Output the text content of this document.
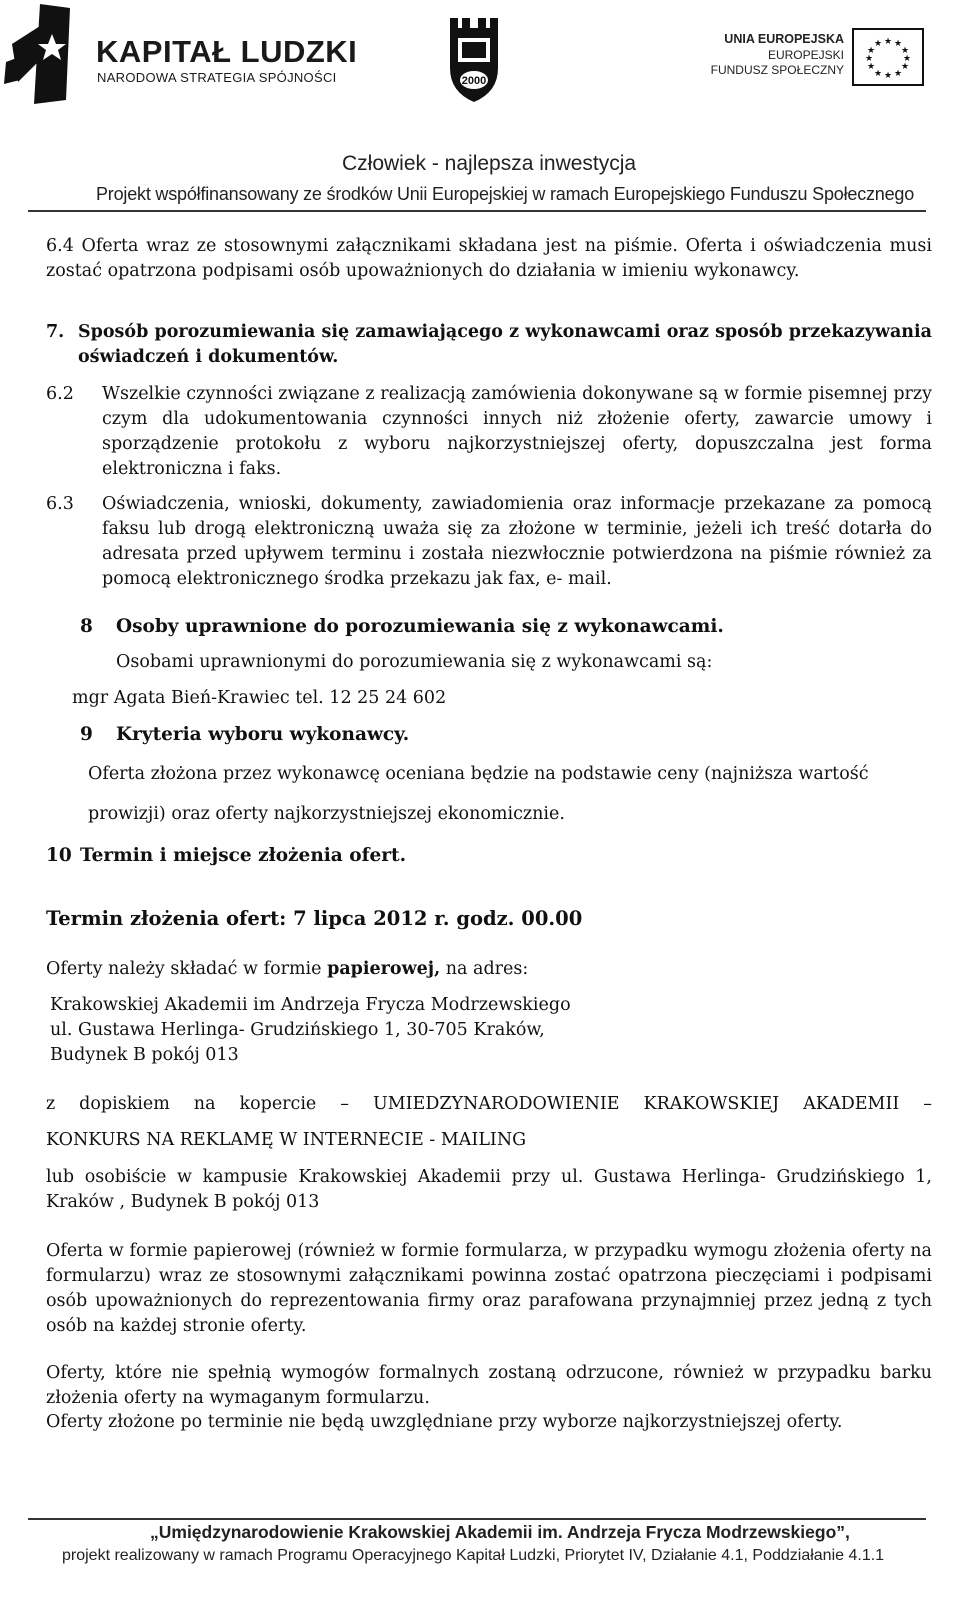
KAPITAŁ LUDZKI
NARODOWA STRATEGIA SPÓJNOŚCI	2000
UNIA EUROPEJSKA
EUROPEJSKI
FUNDUSZ SPOŁECZNY
★ ★
★
★
★
★
★
★
★
★
★
★
Człowiek - najlepsza inwestycja
Projekt współfinansowany ze środków Unii Europejskiej w ramach Europejskiego Funduszu Społecznego
6.4 Oferta wraz ze stosownymi załącznikami składana jest na piśmie. Oferta i oświadczenia musi zostać opatrzona podpisami osób upoważnionych do działania w imieniu wykonawcy.
7. Sposób porozumiewania się zamawiającego z wykonawcami oraz sposób przekazywania oświadczeń i dokumentów.
6.2 Wszelkie czynności związane z realizacją zamówienia dokonywane są w formie pisemnej przy czym dla udokumentowania czynności innych niż złożenie oferty, zawarcie umowy i sporządzenie protokołu z wyboru najkorzystniejszej oferty, dopuszczalna jest forma elektroniczna i faks.
6.3 Oświadczenia, wnioski, dokumenty, zawiadomienia oraz informacje przekazane za pomocą faksu lub drogą elektroniczną uważa się za złożone w terminie, jeżeli ich treść dotarła do adresata przed upływem terminu i została niezwłocznie potwierdzona na piśmie również za pomocą elektronicznego środka przekazu jak fax, e- mail.
8 Osoby uprawnione do porozumiewania się z wykonawcami.
Osobami uprawnionymi do porozumiewania się z wykonawcami są:
mgr Agata Bień-Krawiec tel. 12 25 24 602
9 Kryteria wyboru wykonawcy.
Oferta złożona przez wykonawcę oceniana będzie na podstawie ceny (najniższa wartość
prowizji) oraz oferty najkorzystniejszej ekonomicznie.
10 Termin i miejsce złożenia ofert.
Termin złożenia ofert: 7 lipca 2012 r. godz. 00.00
Oferty należy składać w formie papierowej, na adres:
Krakowskiej Akademii im Andrzeja Frycza Modrzewskiego
ul. Gustawa Herlinga- Grudzińskiego 1, 30-705 Kraków,
Budynek B pokój 013
z dopiskiem na kopercie – UMIEDZYNARODOWIENIE KRAKOWSKIEJ AKADEMII –
KONKURS NA REKLAMĘ W INTERNECIE - MAILING
lub osobiście w kampusie Krakowskiej Akademii przy ul. Gustawa Herlinga- Grudzińskiego 1, Kraków , Budynek B pokój 013
Oferta w formie papierowej (również w formie formularza, w przypadku wymogu złożenia oferty na formularzu) wraz ze stosownymi załącznikami powinna zostać opatrzona pieczęciami i podpisami osób upoważnionych do reprezentowania firmy oraz parafowana przynajmniej przez jedną z tych osób na każdej stronie oferty.
Oferty, które nie spełnią wymogów formalnych zostaną odrzucone, również w przypadku barku złożenia oferty na wymaganym formularzu.
Oferty złożone po terminie nie będą uwzględniane przy wyborze najkorzystniejszej oferty.
„Umiędzynarodowienie Krakowskiej Akademii im. Andrzeja Frycza Modrzewskiego”,
projekt realizowany w ramach Programu Operacyjnego Kapitał Ludzki, Priorytet IV, Działanie 4.1, Poddziałanie 4.1.1
